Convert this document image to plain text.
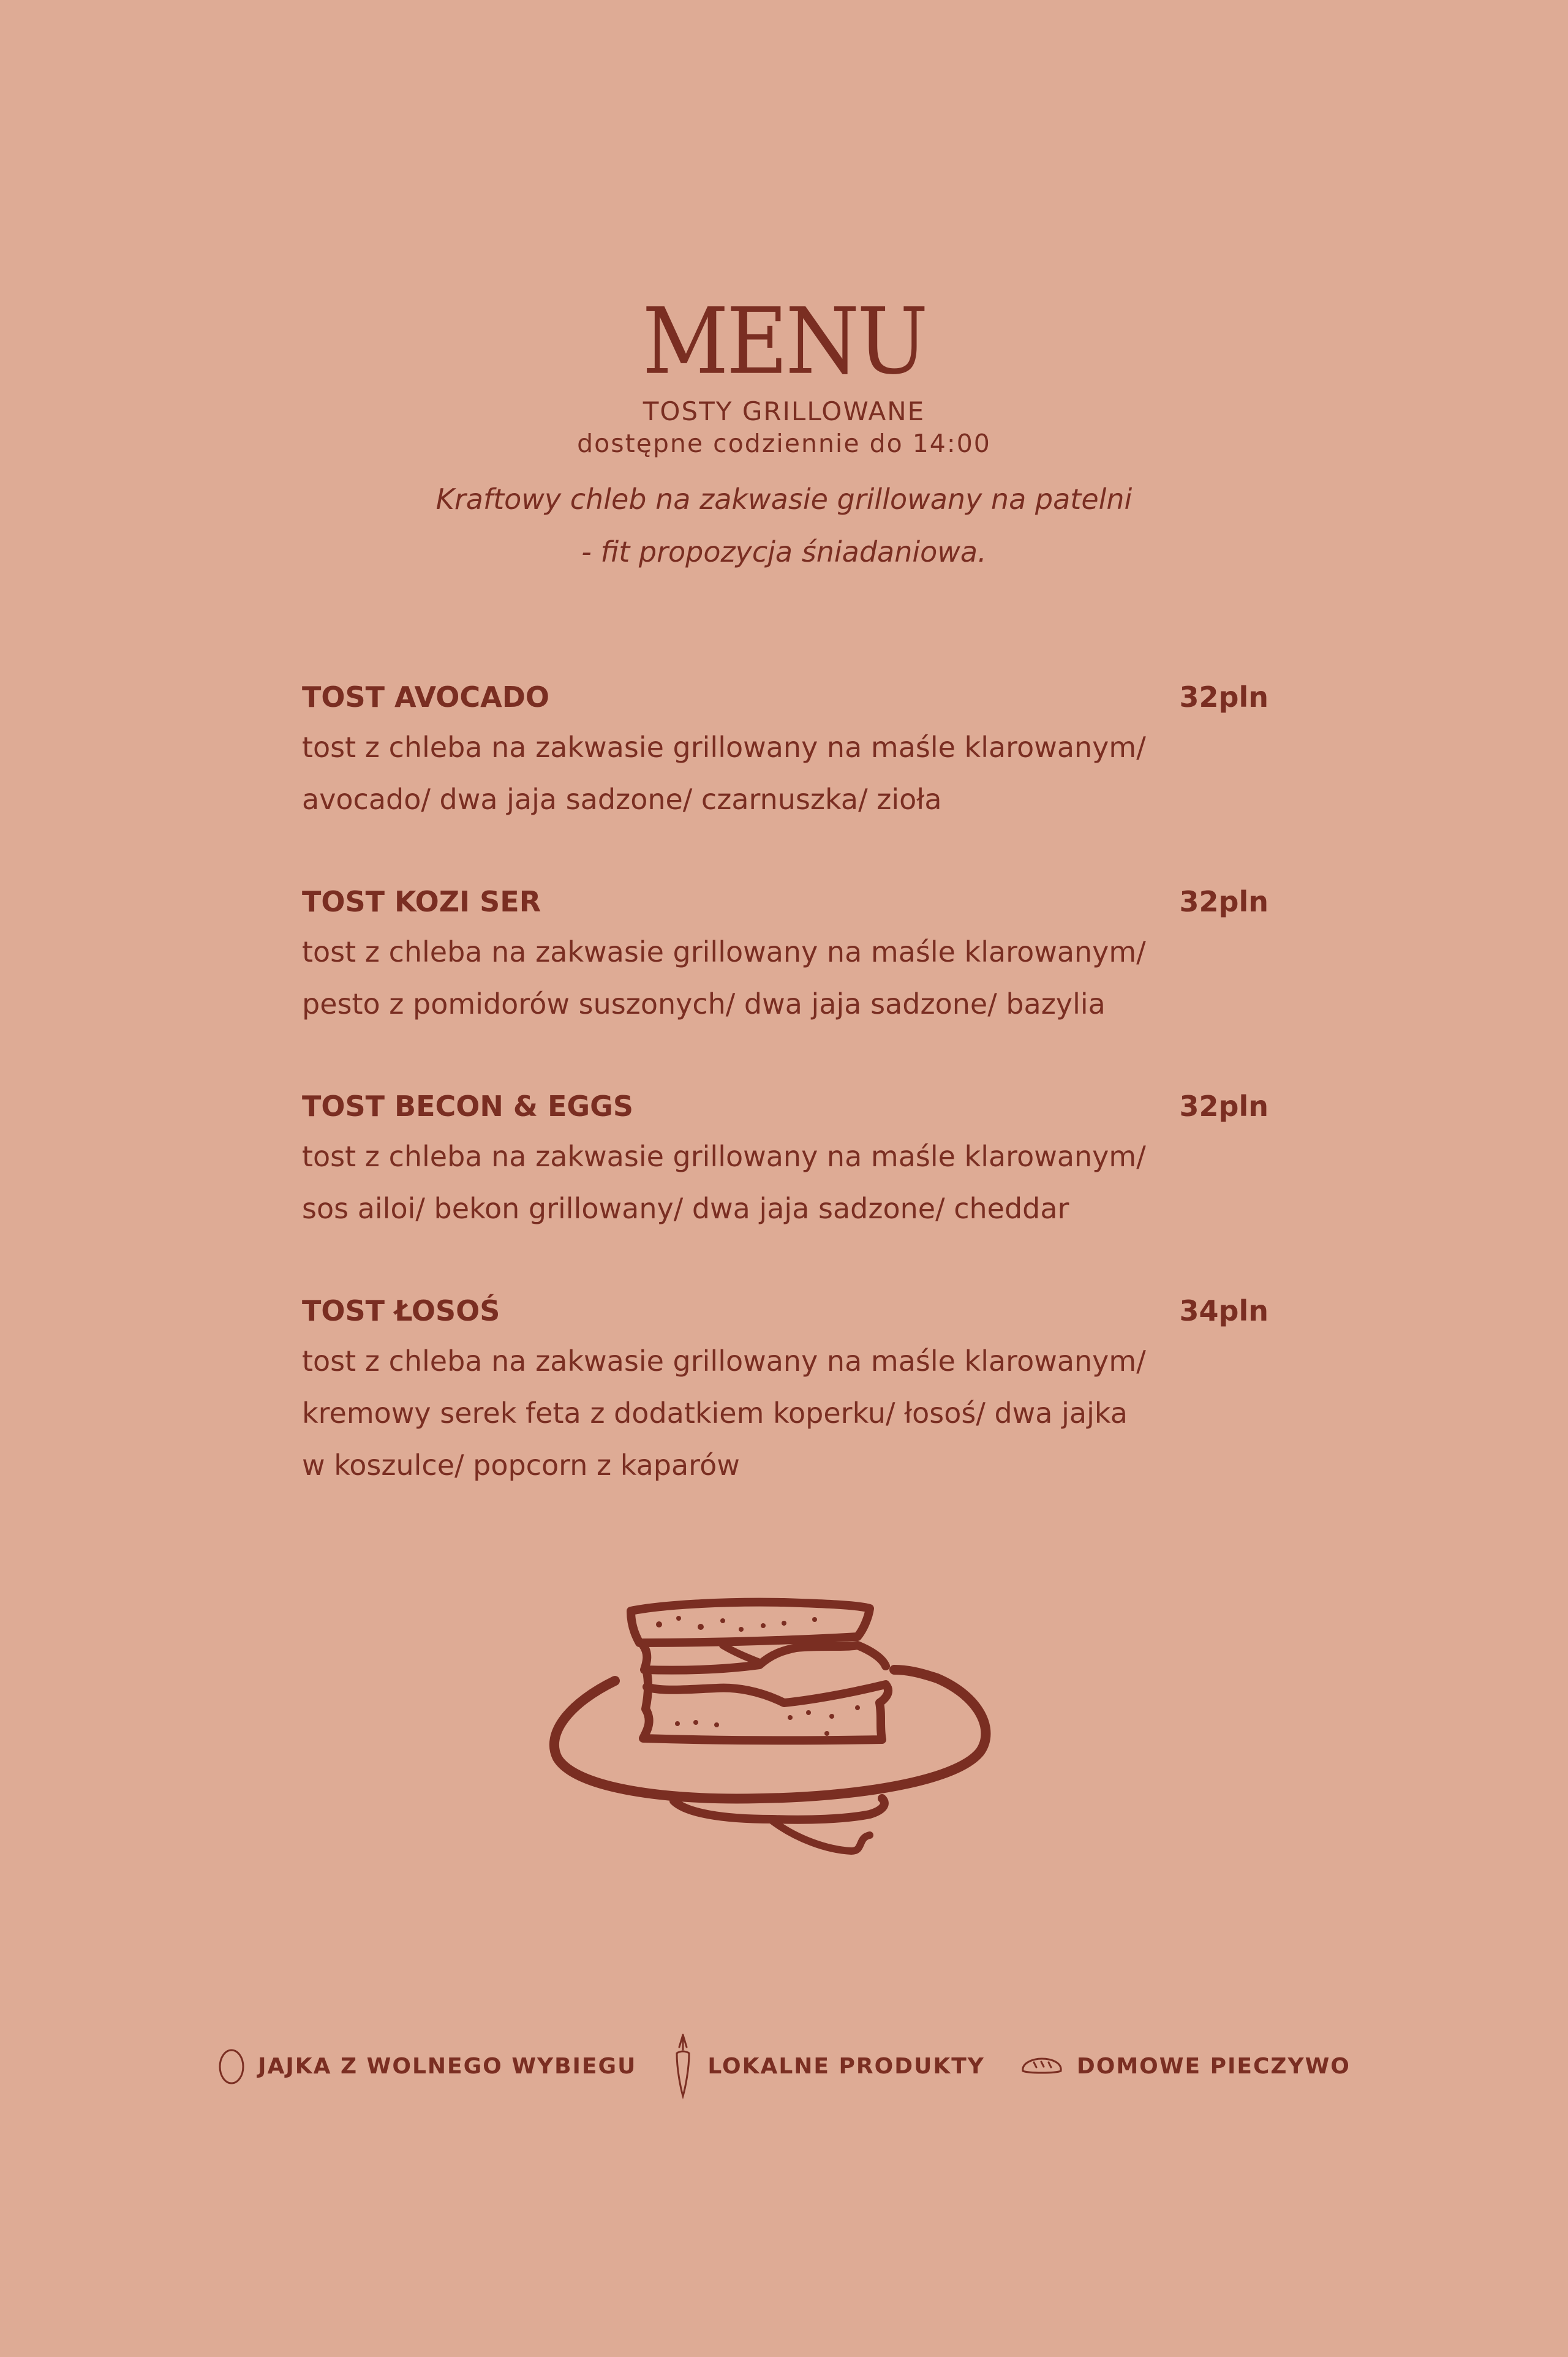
MENU
TOSTY GRILLOWANE
dostępne codziennie do 14:00
Kraftowy chleb na zakwasie grillowany na patelni
- fit propozycja śniadaniowa.
TOST AVOCADO	32pln
tost z chleba na zakwasie grillowany na maśle klarowanym/
avocado/ dwa jaja sadzone/ czarnuszka/ zioła
TOST KOZI SER	32pln
tost z chleba na zakwasie grillowany na maśle klarowanym/
pesto z pomidorów suszonych/ dwa jaja sadzone/ bazylia
TOST BECON & EGGS	32pln
tost z chleba na zakwasie grillowany na maśle klarowanym/
sos ailoi/ bekon grillowany/ dwa jaja sadzone/ cheddar
TOST ŁOSOŚ	34pln
tost z chleba na zakwasie grillowany na maśle klarowanym/
kremowy serek feta z dodatkiem koperku/ łosoś/ dwa jajka
w koszulce/ popcorn z kaparów
JAJKA Z WOLNEGO WYBIEGU	LOKALNE PRODUKTY	DOMOWE PIECZYWO
